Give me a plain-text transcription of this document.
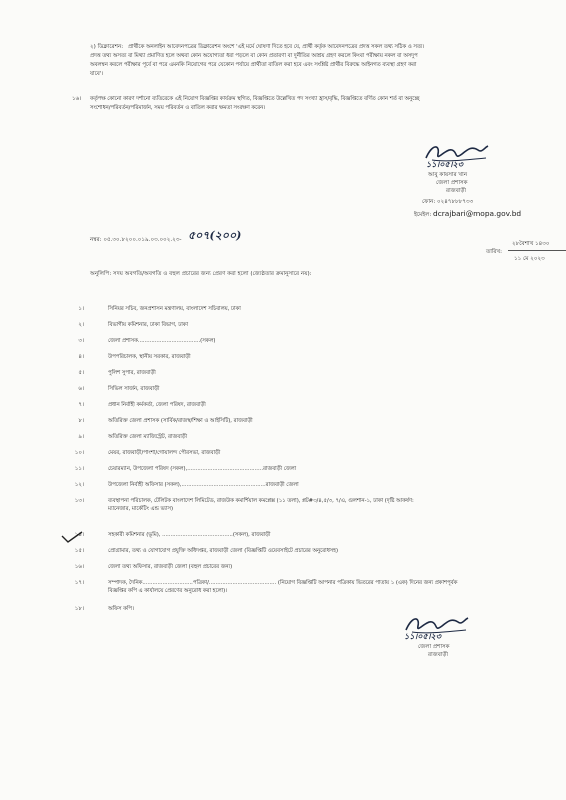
২) ডিক্লারেশন: প্রার্থীকে অনলাইন আবেদনপত্রের ডিক্লারেশন অংশে 'এই মর্মে ঘোষণা দিতে হবে যে, প্রার্থী কর্তৃক আবেদনপত্রের প্রদত্ত সকল তথ্য সঠিক ও সত্য।
প্রদত্ত তথ্য অসত্য বা মিথ্যা প্রমাণিত হলে অথবা কোন অযোগ্যতা ধরা পড়লে বা কোন প্রতারণা বা দুর্নীতির আশ্রয় গ্রহণ করলে কিংবা পরীক্ষায় নকল বা অসদুপ
অবলম্বন করলে পরীক্ষার পূর্বে বা পরে এমনকি নিয়োগের পরে যেকোন পর্যায়ে প্রার্থীতা বাতিল করা হবে এবং সংশ্লিষ্ট প্রার্থীর বিরুদ্ধে আইনগত ব্যবস্থা গ্রহণ করা
যাবে'।
১৬। কর্তৃপক্ষ কোনো কারণ দর্শানো ব্যতিরেকে এই নিয়োগ বিজ্ঞপ্তির কার্যক্রম স্থগিত, বিজ্ঞপ্তিতে উল্লেখিত পদ সংখ্যা হ্রাস/বৃদ্ধি, বিজ্ঞপ্তিতে বর্ণিত কোন শর্ত বা অনুচ্ছে
সংশোধন/পরিবর্তন/পরিমার্জন, সময় পরিবর্তন ও বাতিল করার ক্ষমতা সংরক্ষণ করেন।
১১।০৫।২৩
আবু কায়সার খান
জেলা প্রশাসক
রাজবাড়ী
ফোন: ০২৪৭৮৮৮৭৩৩
ইমেইল: dcrajbari@mopa.gov.bd
নম্বর: ০৫.৩০.৮২০০.০১৯.০৩.০০২.২৩- ৫০৭(২০০)
২৮বৈশাখ ১৪৩০
তারিখ:
১১ মে ২০২৩
অনুলিপি: সদয় অবগতি/অবগতি ও বহুল প্রচারের জন্য প্রেরণ করা হলো (জ্যেষ্ঠতার ক্রমানুসারে নয়):
১।	সিনিয়র সচিব, জনপ্রশাসন মন্ত্রণালয়, বাংলাদেশ সচিবালয়, ঢাকা
২।	বিভাগীয় কমিশনার, ঢাকা বিভাগ, ঢাকা
৩।	জেলা প্রশাসক.....................................(সকল)
৪।	উপপরিচালক, স্থানীয় সরকার, রাজবাড়ী
৫।	পুলিশ সুপার, রাজবাড়ী
৬।	সিভিল সার্জন, রাজবাড়ী
৭।	প্রধান নির্বাহী কর্মকর্তা, জেলা পরিষদ, রাজবাড়ী
৮।	অতিরিক্ত জেলা প্রশাসক (সার্বিক/রাজস্ব/শিক্ষা ও আইসিটি), রাজবাড়ী
৯।	অতিরিক্ত জেলা ম্যাজিস্ট্রেট, রাজবাড়ী
১০।	মেয়র, রাজবাড়ী/পাংশা/গোয়ালন্দ পৌরসভা, রাজবাড়ী
১১।	চেয়ারম্যান, উপজেলা পরিষদ (সকল),.............................................রাজবাড়ী জেলা
১২।	উপজেলা নির্বাহী অফিসার (সকল),..................................................রাজবাড়ী জেলা
১৩।	ব্যবস্থাপনা পরিচালক, টেলিটক বাংলাদেশ লিমিটেড, রাজউক কমার্শিয়াল কমপ্লেক্স (১১ তলা), প্লট#৩/৪,৫/৩, ৭/এ, গুলশান-১, ঢাকা (দৃষ্টি আকর্ষণ:
ম্যানেজার, মার্কেটিং এন্ড ভ্যাস)
১৪।	সহকারী কমিশনার (ভূমি), ..........................................(সকল), রাজবাড়ী
১৫।	প্রোগ্রামার, তথ্য ও যোগাযোগ প্রযুক্তি অধিদপ্তর, রাজবাড়ী জেলা (বিজ্ঞপ্তিটি ওয়েবসাইটে প্রচারের অনুরোধসহ)
১৬।	জেলা তথ্য অফিসার, রাজবাড়ী জেলা (বহুল প্রচারের জন্য)
১৭।	সম্পাদক, দৈনিক..............................পত্রিকা/........................................ (নিয়োগ বিজ্ঞপ্তিটি আপনার পত্রিকায় ভিতরের পাতায় ১ (এক) দিনের জন্য প্রকাশপূর্বক
বিজ্ঞপ্তির কপি এ কার্যালয়ে প্রেরণের অনুরোধ করা হলো)।
১৮।	অফিস কপি।
১১।০৫।২৩
জেলা প্রশাসক
রাজবাড়ী
